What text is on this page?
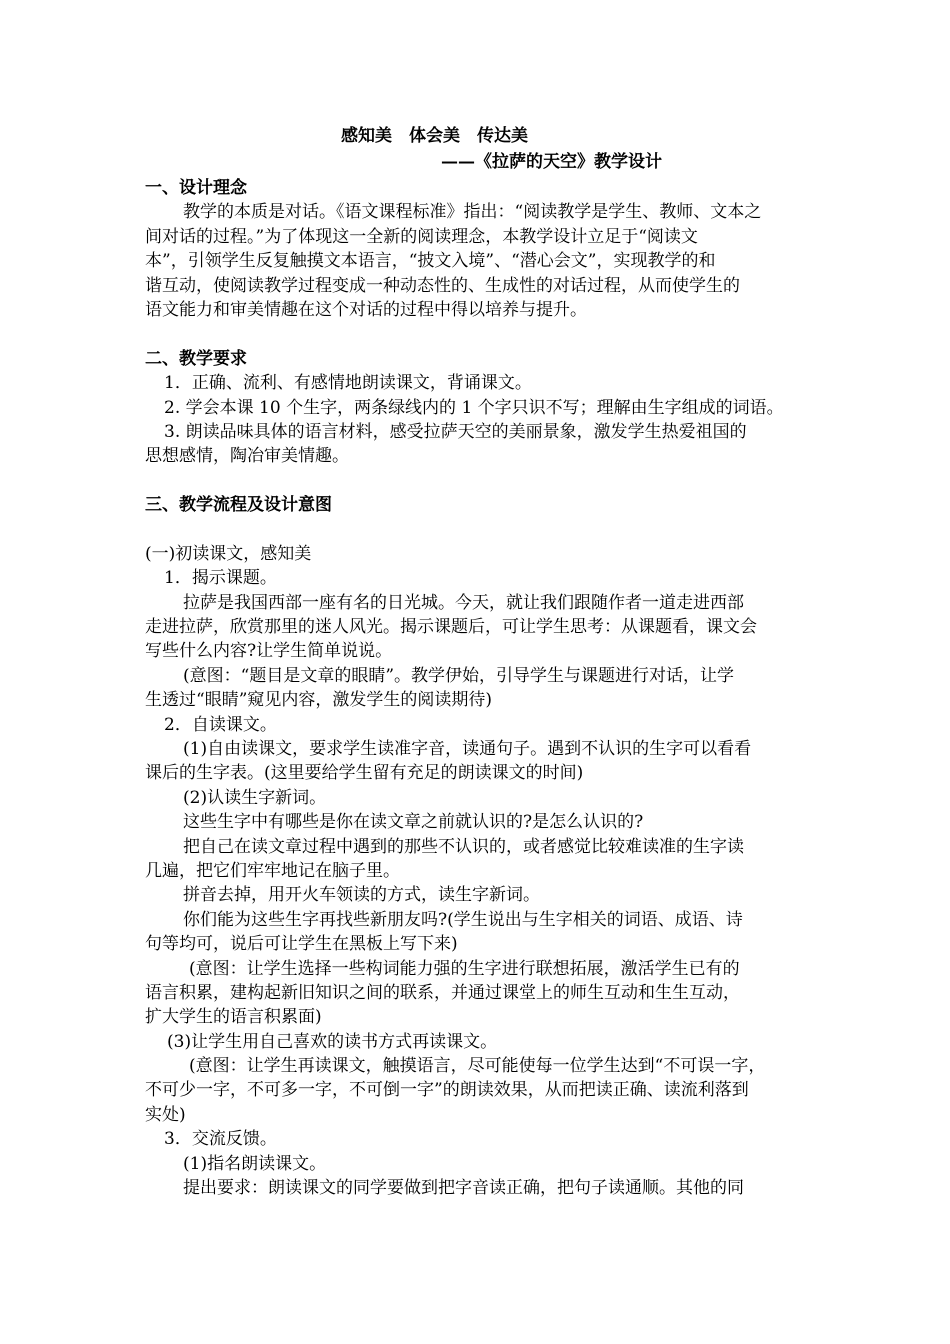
感知美　体会美　传达美
——《拉萨的天空》教学设计
一、设计理念
教学的本质是对话。《语文课程标准》指出：“阅读教学是学生、教师、文本之
间对话的过程。”为了体现这一全新的阅读理念，本教学设计立足于“阅读文
本”，引领学生反复触摸文本语言，“披文入境”、“潜心会文”，实现教学的和
谐互动，使阅读教学过程变成一种动态性的、生成性的对话过程，从而使学生的
语文能力和审美情趣在这个对话的过程中得以培养与提升。
二、教学要求
1．正确、流利、有感情地朗读课文，背诵课文。
2. 学会本课 10 个生字，两条绿线内的 1 个字只识不写；理解由生字组成的词语。
3. 朗读品味具体的语言材料，感受拉萨天空的美丽景象，激发学生热爱祖国的
思想感情，陶冶审美情趣。
三、教学流程及设计意图
(一)初读课文，感知美
1．揭示课题。
拉萨是我国西部一座有名的日光城。今天，就让我们跟随作者一道走进西部
走进拉萨，欣赏那里的迷人风光。揭示课题后，可让学生思考：从课题看，课文会
写些什么内容?让学生简单说说。
(意图：“题目是文章的眼睛”。教学伊始，引导学生与课题进行对话，让学
生透过“眼睛”窥见内容，激发学生的阅读期待)
2．自读课文。
(1)自由读课文，要求学生读准字音，读通句子。遇到不认识的生字可以看看
课后的生字表。(这里要给学生留有充足的朗读课文的时间)
(2)认读生字新词。
这些生字中有哪些是你在读文章之前就认识的?是怎么认识的?
把自己在读文章过程中遇到的那些不认识的，或者感觉比较难读准的生字读
几遍，把它们牢牢地记在脑子里。
拼音去掉，用开火车领读的方式，读生字新词。
你们能为这些生字再找些新朋友吗?(学生说出与生字相关的词语、成语、诗
句等均可，说后可让学生在黑板上写下来)
(意图：让学生选择一些构词能力强的生字进行联想拓展，激活学生已有的
语言积累，建构起新旧知识之间的联系，并通过课堂上的师生互动和生生互动，
扩大学生的语言积累面)
(3)让学生用自己喜欢的读书方式再读课文。
(意图：让学生再读课文，触摸语言，尽可能使每一位学生达到“不可误一字，
不可少一字，不可多一字，不可倒一字”的朗读效果，从而把读正确、读流利落到
实处)
3．交流反馈。
(1)指名朗读课文。
提出要求：朗读课文的同学要做到把字音读正确，把句子读通顺。其他的同
